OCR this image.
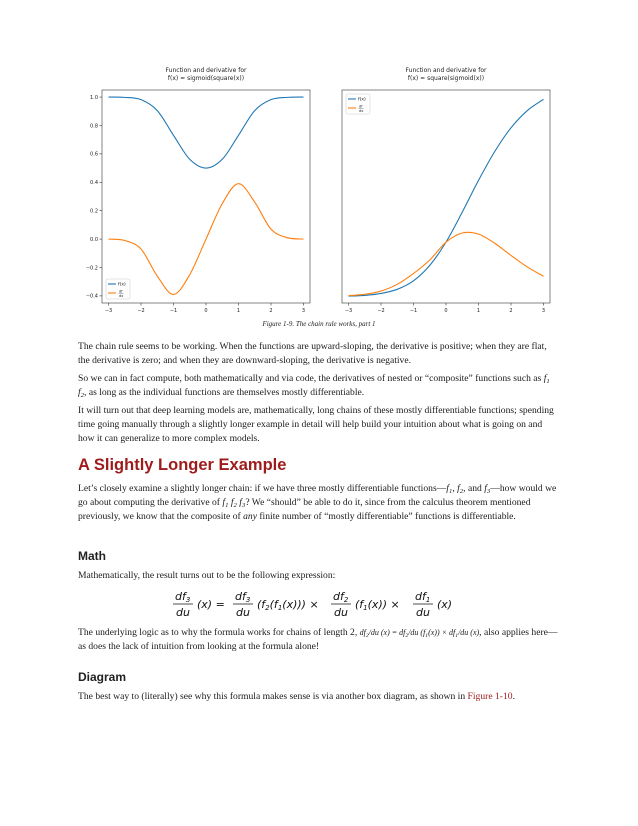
Function and derivative for
f(x) = sigmoid(square(x))
−3	−2	−1	0	1	2	3
−0.4
−0.2
0.0
0.2
0.4
0.6
0.8
1.0
f(x)
df
dx
Function and derivative for
f(x) = square(sigmoid(x))
−3	−2	−1	0	1	2	3
f(x)
df
dx
Figure 1-9. The chain rule works, part 1

The chain rule seems to be working. When the functions are upward-sloping, the derivative is positive; when they are flat, the derivative is zero; and when they are downward-sloping, the derivative is negative.

So we can in fact compute, both mathematically and via code, the derivatives of nested or “composite” functions such as $f_1$ $f_2$, as long as the individual functions are themselves mostly differentiable.

It will turn out that deep learning models are, mathematically, long chains of these mostly differentiable functions; spending time going manually through a slightly longer example in detail will help build your intuition about what is going on and how it can generalize to more complex models.

A Slightly Longer Example

Let’s closely examine a slightly longer chain: if we have three mostly differentiable $functions—f_1$, $f_2$, and $f_3—how$ would we go about computing the derivative of $f_1$ $f_2$ $f_3$? We “should” be able to do it, since from the calculus theorem mentioned previously, we know that the composite of any finite number of “mostly differentiable” functions is differentiable.

Math

Mathematically, the result turns out to be the following expression:

df3
du
(x) =
df3
du
(f2(f1(x))) ×
df2
du
(f1(x)) ×
df1
du
(x)

The underlying logic as to why the formula works for chains of length 2, $df_2/du$ $(x) = df_2/du$ $(f_1(x)) \times df_1/du$ (x), also applies here—as does the lack of intuition from looking at the formula alone!

Diagram

The best way to (literally) see why this formula makes sense is via another box diagram, as shown in Figure 1-10.
